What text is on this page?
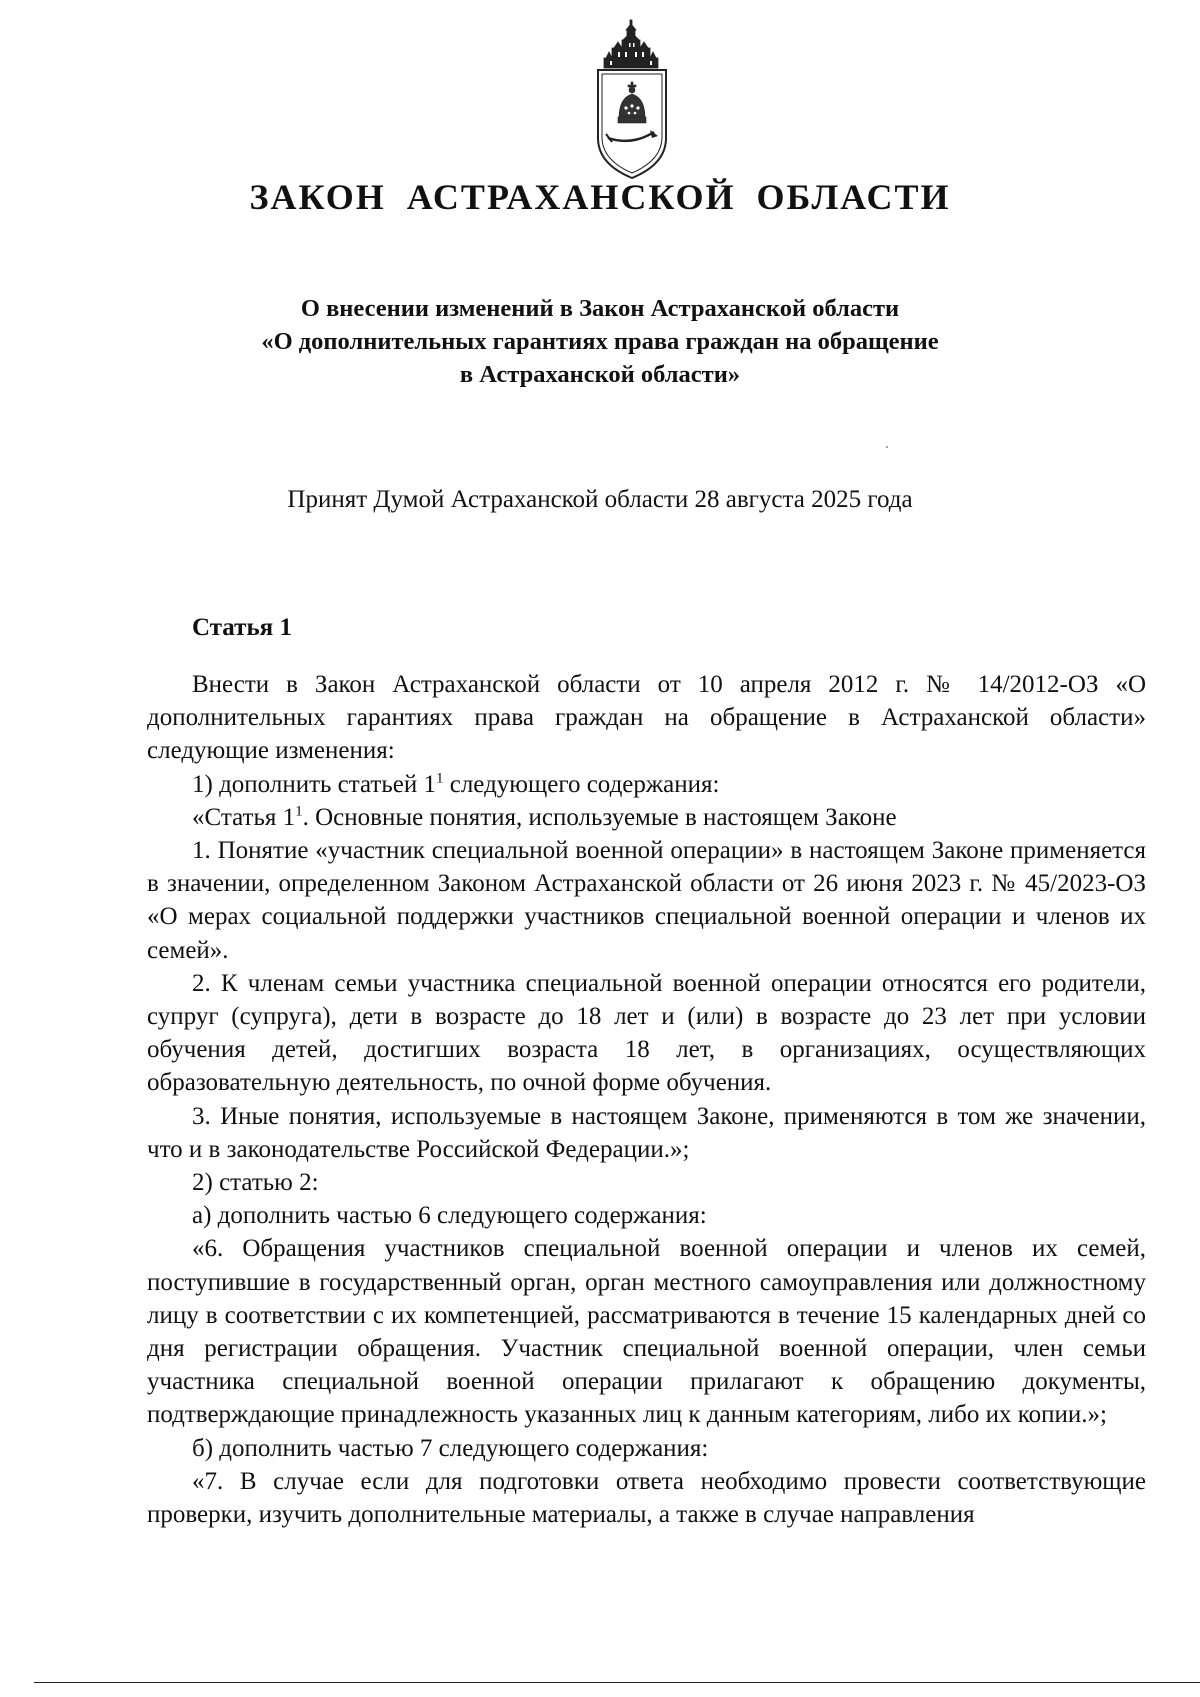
ЗАКОН АСТРАХАНСКОЙ ОБЛАСТИ
О внесении изменений в Закон Астраханской области
«О дополнительных гарантиях права граждан на обращение
в Астраханской области»
Принят Думой Астраханской области 28 августа 2025 года
Статья 1

Внести в Закон Астраханской области от 10 апреля 2012 г. № 14/2012-ОЗ «О дополнительных гарантиях права граждан на обращение в Астраханской области» следующие изменения:

1) дополнить статьей $1^1$ следующего содержания:

«Статья $1^1$. Основные понятия, используемые в настоящем Законе

1. Понятие «участник специальной военной операции» в настоящем Законе применяется в значении, определенном Законом Астраханской области от 26 июня 2023 г. № 45/2023-ОЗ «О мерах социальной поддержки участников специальной военной операции и членов их семей».

2. К членам семьи участника специальной военной операции относятся его родители, супруг (супруга), дети в возрасте до 18 лет и (или) в возрасте до 23 лет при условии обучения детей, достигших возраста 18 лет, в организациях, осуществляющих образовательную деятельность, по очной форме обучения.

3. Иные понятия, используемые в настоящем Законе, применяются в том же значении, что и в законодательстве Российской Федерации.»;

2) статью 2:

а) дополнить частью 6 следующего содержания:

«6. Обращения участников специальной военной операции и членов их семей, поступившие в государственный орган, орган местного самоуправления или должностному лицу в соответствии с их компетенцией, рассматриваются в течение 15 календарных дней со дня регистрации обращения. Участник специальной военной операции, член семьи участника специальной военной операции прилагают к обращению документы, подтверждающие принадлежность указанных лиц к данным категориям, либо их копии.»;

б) дополнить частью 7 следующего содержания:

«7. В случае если для подготовки ответа необходимо провести соответствующие проверки, изучить дополнительные материалы, а также в случае направления
